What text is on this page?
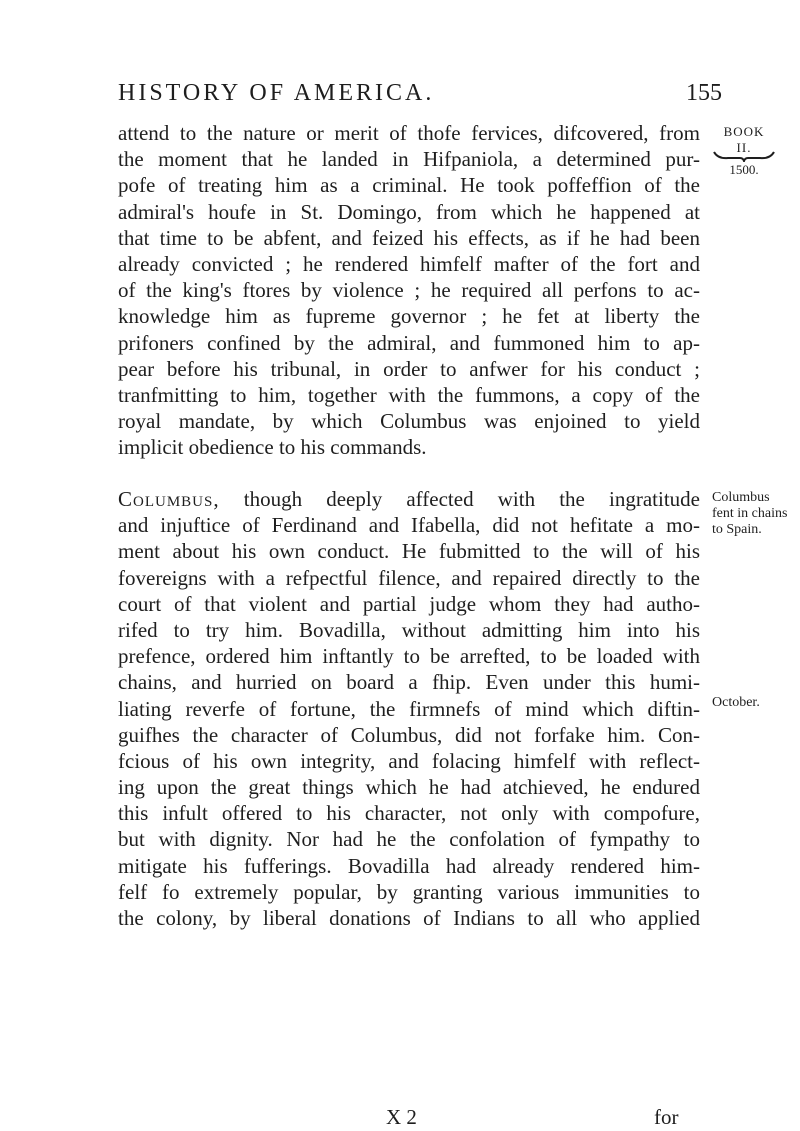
HISTORY OF AMERICA.	155
BOOK
II.
1500.
Columbus
fent in chains
to Spain.
October.
attend to the nature or merit of thofe fervices, difcovered, from
the moment that he landed in Hifpaniola, a determined pur-
pofe of treating him as a criminal. He took poffeffion of the
admiral's houfe in St. Domingo, from which he happened at
that time to be abfent, and feized his effects, as if he had been
already convicted ; he rendered himfelf mafter of the fort and
of the king's ftores by violence ; he required all perfons to ac-
knowledge him as fupreme governor ; he fet at liberty the
prifoners confined by the admiral, and fummoned him to ap-
pear before his tribunal, in order to anfwer for his conduct ;
tranfmitting to him, together with the fummons, a copy of the
royal mandate, by which Columbus was enjoined to yield
implicit obedience to his commands.
Columbus, though deeply affected with the ingratitude
and injuftice of Ferdinand and Ifabella, did not hefitate a mo-
ment about his own conduct. He fubmitted to the will of his
fovereigns with a refpectful filence, and repaired directly to the
court of that violent and partial judge whom they had autho-
rifed to try him. Bovadilla, without admitting him into his
prefence, ordered him inftantly to be arrefted, to be loaded with
chains, and hurried on board a fhip. Even under this humi-
liating reverfe of fortune, the firmnefs of mind which diftin-
guifhes the character of Columbus, did not forfake him. Con-
fcious of his own integrity, and folacing himfelf with reflect-
ing upon the great things which he had atchieved, he endured
this infult offered to his character, not only with compofure,
but with dignity. Nor had he the confolation of fympathy to
mitigate his fufferings. Bovadilla had already rendered him-
felf fo extremely popular, by granting various immunities to
the colony, by liberal donations of Indians to all who applied
X 2	for
